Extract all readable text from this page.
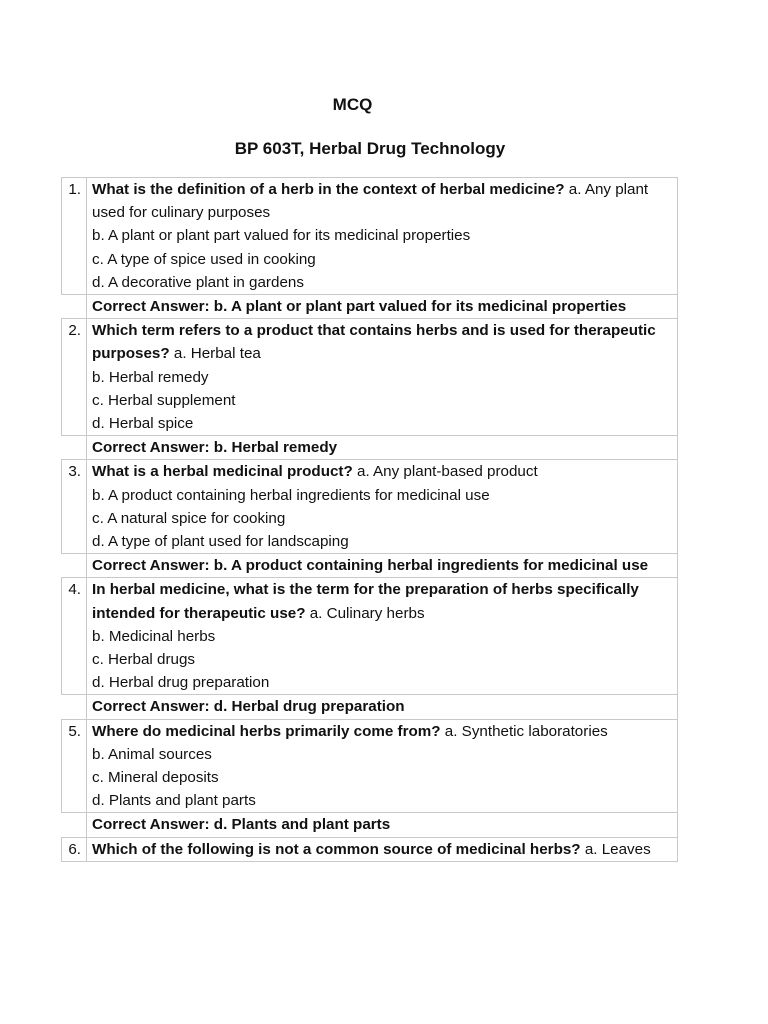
MCQ
BP 603T, Herbal Drug Technology
1.	What is the definition of a herb in the context of herbal medicine? a. Any plant used for culinary purposes
b. A plant or plant part valued for its medicinal properties
c. A type of spice used in cooking
d. A decorative plant in gardens

	Correct Answer: b. A plant or plant part valued for its medicinal properties
2.	Which term refers to a product that contains herbs and is used for therapeutic purposes? a. Herbal tea
b. Herbal remedy
c. Herbal supplement
d. Herbal spice

	Correct Answer: b. Herbal remedy
3.	What is a herbal medicinal product? a. Any plant-based product
b. A product containing herbal ingredients for medicinal use
c. A natural spice for cooking
d. A type of plant used for landscaping

	Correct Answer: b. A product containing herbal ingredients for medicinal use
4.	In herbal medicine, what is the term for the preparation of herbs specifically intended for therapeutic use? a. Culinary herbs
b. Medicinal herbs
c. Herbal drugs
d. Herbal drug preparation

	Correct Answer: d. Herbal drug preparation
5.	Where do medicinal herbs primarily come from? a. Synthetic laboratories
b. Animal sources
c. Mineral deposits
d. Plants and plant parts

	Correct Answer: d. Plants and plant parts
6.	Which of the following is not a common source of medicinal herbs? a. Leaves
